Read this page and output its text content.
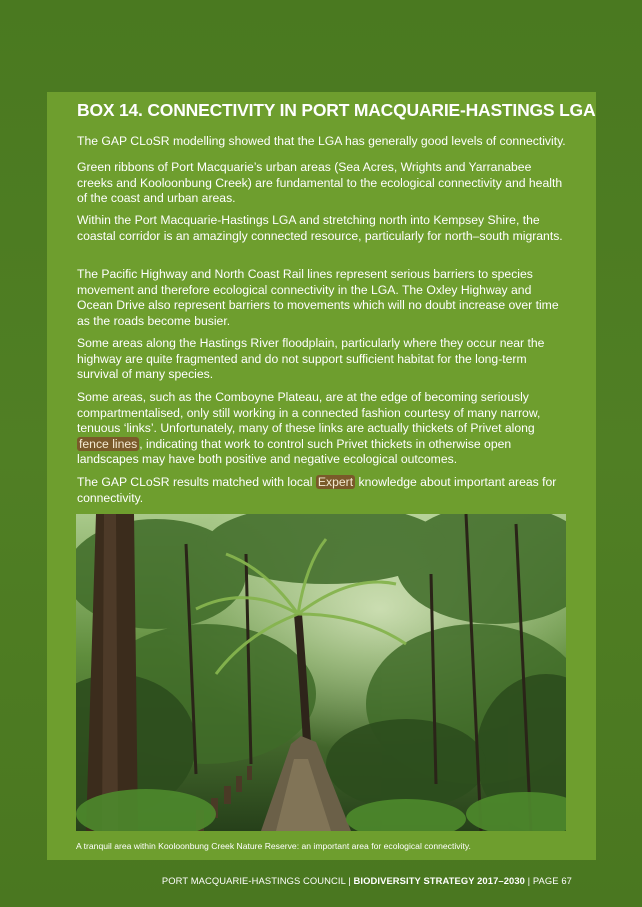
BOX 14. CONNECTIVITY IN PORT MACQUARIE-HASTINGS LGA

The GAP CLoSR modelling showed that the LGA has generally good levels of connectivity.

Green ribbons of Port Macquarie’s urban areas (Sea Acres, Wrights and Yarranabee creeks and Kooloonbung Creek) are fundamental to the ecological connectivity and health of the coast and urban areas.

Within the Port Macquarie-Hastings LGA and stretching north into Kempsey Shire, the coastal corridor is an amazingly connected resource, particularly for north–south migrants.

The Pacific Highway and North Coast Rail lines represent serious barriers to species movement and therefore ecological connectivity in the LGA. The Oxley Highway and Ocean Drive also represent barriers to movements which will no doubt increase over time as the roads become busier.

Some areas along the Hastings River floodplain, particularly where they occur near the highway are quite fragmented and do not support sufficient habitat for the long-term survival of many species.

Some areas, such as the Comboyne Plateau, are at the edge of becoming seriously compartmentalised, only still working in a connected fashion courtesy of many narrow, tenuous ‘links’. Unfortunately, many of these links are actually thickets of Privet along fence lines , indicating that work to control such Privet thickets in otherwise open landscapes may have both positive and negative ecological outcomes.

The GAP CLoSR results matched with local Expert knowledge about important areas for connectivity.

A tranquil area within Kooloonbung Creek Nature Reserve: an important area for ecological connectivity.

PORT MACQUARIE-HASTINGS COUNCIL | BIODIVERSITY STRATEGY 2017–2030 | PAGE 67
